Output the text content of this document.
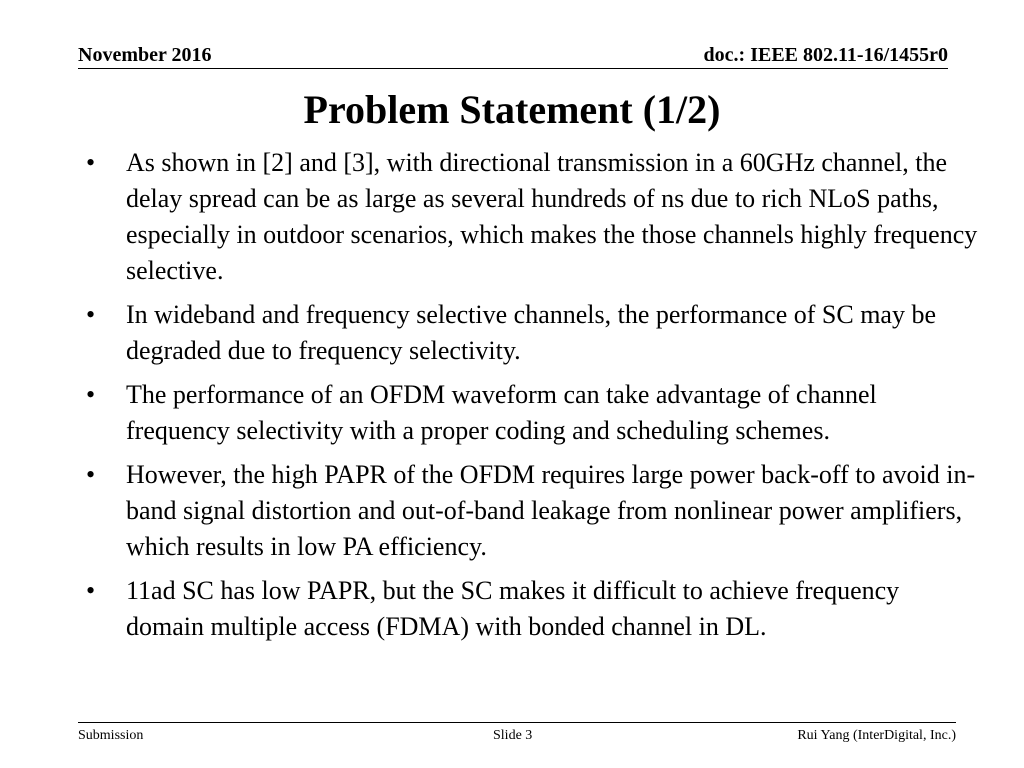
November 2016	doc.: IEEE 802.11-16/1455r0
Problem Statement (1/2)
•	As shown in [2] and [3], with directional transmission in a 60GHz channel, the delay spread can be as large as several hundreds of ns due to rich NLoS paths, especially in outdoor scenarios, which makes the those channels highly frequency selective.
•	In wideband and frequency selective channels, the performance of SC may be degraded due to frequency selectivity.
•	The performance of an OFDM waveform can take advantage of channel frequency selectivity with a proper coding and scheduling schemes.
•	However, the high PAPR of the OFDM requires large power back-off to avoid in-band signal distortion and out-of-band leakage from nonlinear power amplifiers, which results in low PA efficiency.
•	11ad SC has low PAPR, but the SC makes it difficult to achieve frequency domain multiple access (FDMA) with bonded channel in DL.
Submission	Slide 3	Rui Yang (InterDigital, Inc.)
